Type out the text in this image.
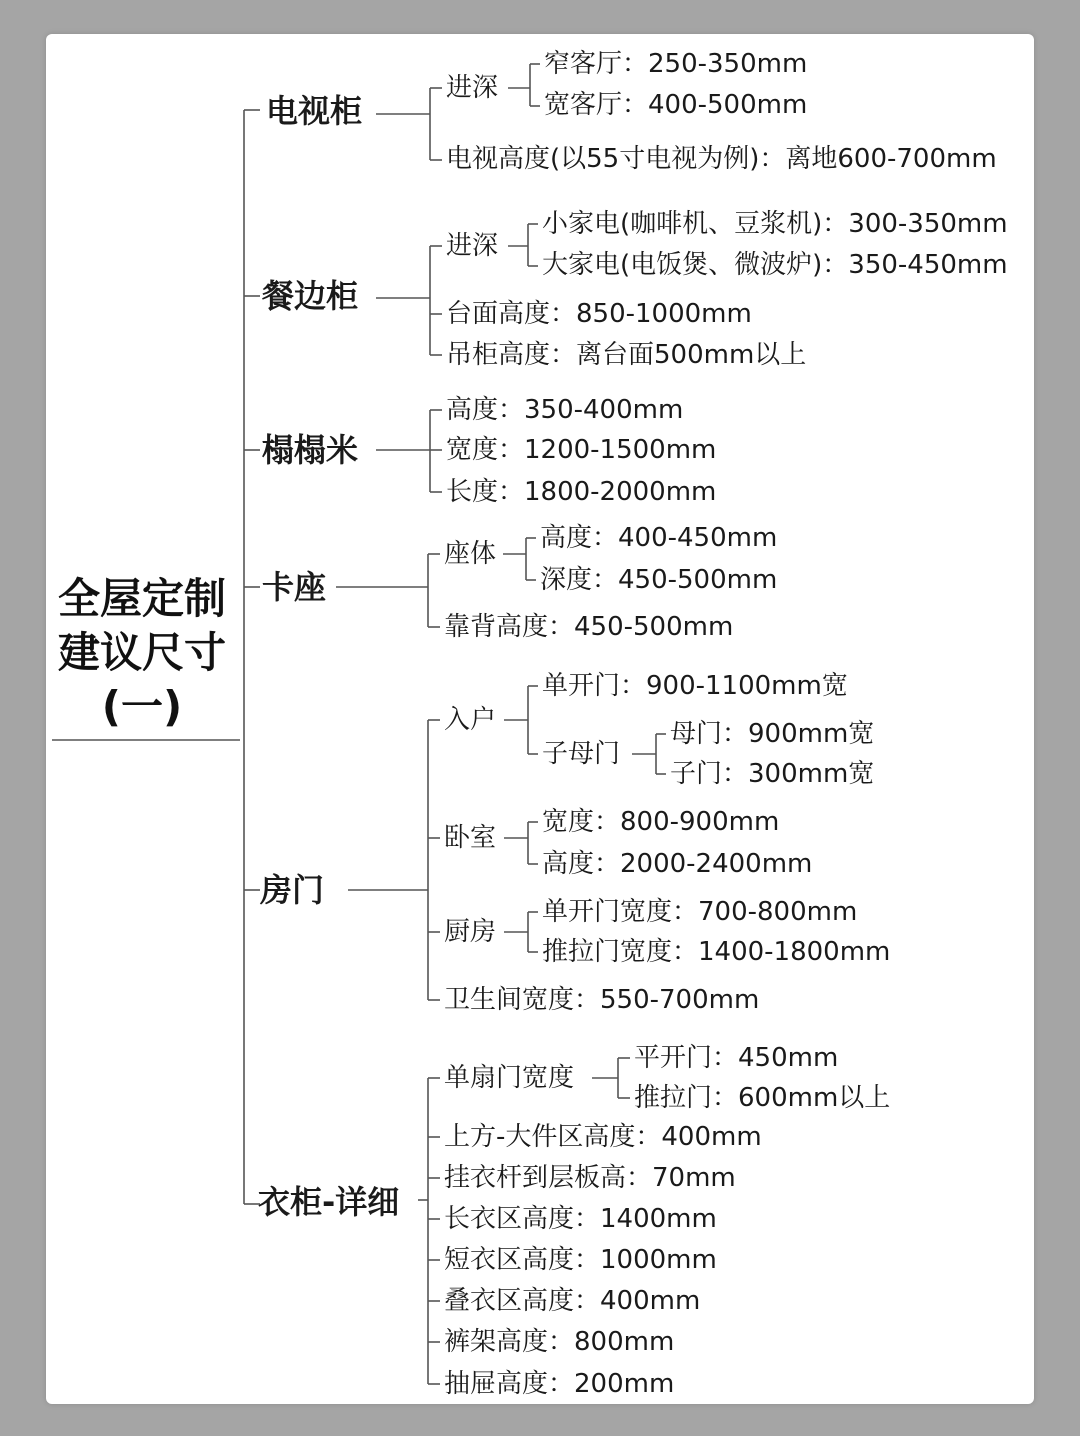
全屋定制
建议尺寸
(一)
电视柜
进深
窄客厅：250-350mm
宽客厅：400-500mm
电视高度(以55寸电视为例)：离地600-700mm
餐边柜
进深
小家电(咖啡机、豆浆机)：300-350mm
大家电(电饭煲、微波炉)：350-450mm
台面高度：850-1000mm
吊柜高度：离台面500mm以上
榻榻米
高度：350-400mm
宽度：1200-1500mm
长度：1800-2000mm
卡座
座体
高度：400-450mm
深度：450-500mm
靠背高度：450-500mm
房门
入户
单开门：900-1100mm宽
子母门
母门：900mm宽
子门：300mm宽
卧室
宽度：800-900mm
高度：2000-2400mm
厨房
单开门宽度：700-800mm
推拉门宽度：1400-1800mm
卫生间宽度：550-700mm
衣柜-详细
单扇门宽度
平开门：450mm
推拉门：600mm以上
上方-大件区高度：400mm
挂衣杆到层板高：70mm
长衣区高度：1400mm
短衣区高度：1000mm
叠衣区高度：400mm
裤架高度：800mm
抽屉高度：200mm
